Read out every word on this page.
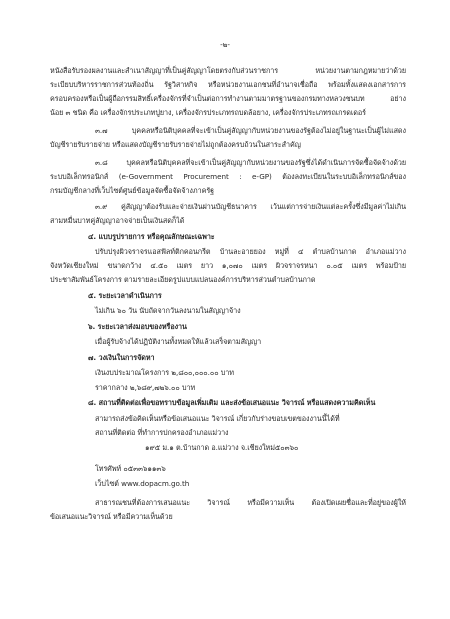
-๒-
หนังสือรับรองผลงานและสำเนาสัญญาที่เป็นคู่สัญญาโดยตรงกับส่วนราชการ หน่วยงานตามกฎหมายว่าด้วย
ระเบียบบริหารราชการส่วนท้องถิ่น รัฐวิสาหกิจ หรือหน่วยงานเอกชนที่อำนาจเชื่อถือ พร้อมทั้งแสดงเอกสารการ
ครอบครองหรือเป็นผู้ถือกรรมสิทธิ์เครื่องจักรที่จำเป็นต่อการทำงานตามมาตรฐานของกรมทางหลวงชนบท อย่าง
น้อย ๓ ชนิด คือ เครื่องจักรประเภทปูยาง, เครื่องจักรประเภทรถบดล้อยาง, เครื่องจักรประเภทรถเกรดเดอร์
๓.๗ บุคคลหรือนิติบุคคลที่จะเข้าเป็นคู่สัญญากับหน่วยงานของรัฐต้องไม่อยู่ในฐานะเป็นผู้ไม่แสดง
บัญชีรายรับรายจ่าย หรือแสดงบัญชีรายรับรายจ่ายไม่ถูกต้องครบถ้วนในสาระสำคัญ
๓.๘ บุคคลหรือนิติบุคคลที่จะเข้าเป็นคู่สัญญากับหน่วยงานของรัฐซึ่งได้ดำเนินการจัดซื้อจัดจ้างด้วย
ระบบอิเล็กทรอนิกส์ (e-Government Procurement : e-GP) ต้องลงทะเบียนในระบบอิเล็กทรอนิกส์ของ
กรมบัญชีกลางที่เว็บไซต์ศูนย์ข้อมูลจัดซื้อจัดจ้างภาครัฐ
๓.๙ คู่สัญญาต้องรับและจ่ายเงินผ่านบัญชีธนาคาร เว้นแต่การจ่ายเงินแต่ละครั้งซึ่งมีมูลค่าไม่เกิน
สามหมื่นบาทคู่สัญญาอาจจ่ายเป็นเงินสดก็ได้
๔. แบบรูปรายการ หรือคุณลักษณะเฉพาะ
ปรับปรุงผิวจราจรแอสฟัลท์ติกคอนกรีต บ้านละอายยอง หมู่ที่ ๔ ตำบลบ้านกาด อำเภอแม่วาง
จังหวัดเชียงใหม่ ขนาดกว้าง ๔.๕๐ เมตร ยาว ๑,๐๗๐ เมตร ผิวจราจรหนา ๐.๐๕ เมตร พร้อมป้าย
ประชาสัมพันธ์โครงการ ตามรายละเอียดรูปแบบแปลนองค์การบริหารส่วนตำบลบ้านกาด
๕. ระยะเวลาดำเนินการ
ไม่เกิน ๖๐ วัน นับถัดจากวันลงนามในสัญญาจ้าง
๖. ระยะเวลาส่งมอบของหรืองาน
เมื่อผู้รับจ้างได้ปฏิบัติงานทั้งหมดให้แล้วเสร็จตามสัญญา
๗. วงเงินในการจัดหา
เงินงบประมาณโครงการ ๒,๘๐๐,๐๐๐.๐๐ บาท
ราคากลาง ๒,๖๘๙,๗๒๖.๐๐ บาท
๘. สถานที่ติดต่อเพื่อขอทราบข้อมูลเพิ่มเติม และส่งข้อเสนอแนะ วิจารณ์ หรือแสดงความคิดเห็น
สามารถส่งข้อคิดเห็นหรือข้อเสนอแนะ วิจารณ์ เกี่ยวกับร่างขอบเขตของงานนี้ได้ที่
สถานที่ติดต่อ ที่ทำการปกครองอำเภอแม่วาง
๑๙๕ ม.๑ ต.บ้านกาด อ.แม่วาง จ.เชียงใหม่๕๐๓๖๐
โทรศัพท์ ๐๕๓๓๖๑๑๓๖
เว็บไซต์ www.dopacm.go.th
สาธารณชนที่ต้องการเสนอแนะ วิจารณ์ หรือมีความเห็น ต้องเปิดเผยชื่อและที่อยู่ของผู้ให้
ข้อเสนอแนะวิจารณ์ หรือมีความเห็นด้วย
